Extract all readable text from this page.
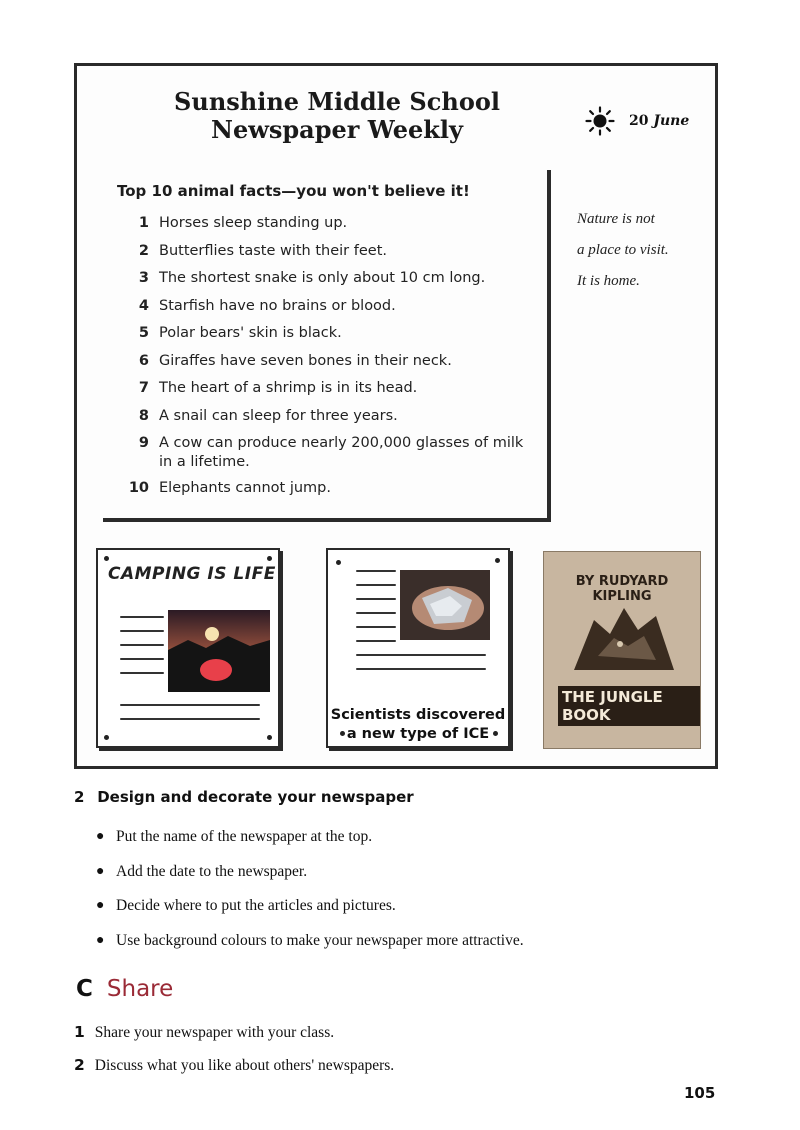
Sunshine Middle School
Newspaper Weekly	20 June
Top 10 animal facts—you won't believe it!
1 Horses sleep standing up.
2 Butterflies taste with their feet.
3 The shortest snake is only about 10 cm long.
4 Starfish have no brains or blood.
5 Polar bears' skin is black.
6 Giraffes have seven bones in their neck.
7 The heart of a shrimp is in its head.
8 A snail can sleep for three years.
9 A cow can produce nearly 200,000 glasses of milk in a lifetime.
10 Elephants cannot jump.
Nature is not
a place to visit.
It is home.
CAMPING IS LIFE
Scientists discovered
a new type of ICE
BY RUDYARD KIPLING
THE JUNGLE BOOK
2 Design and decorate your newspaper
● Put the name of the newspaper at the top.
● Add the date to the newspaper.
● Decide where to put the articles and pictures.
● Use background colours to make your newspaper more attractive.
C Share
1 Share your newspaper with your class.
2 Discuss what you like about others' newspapers.
105
